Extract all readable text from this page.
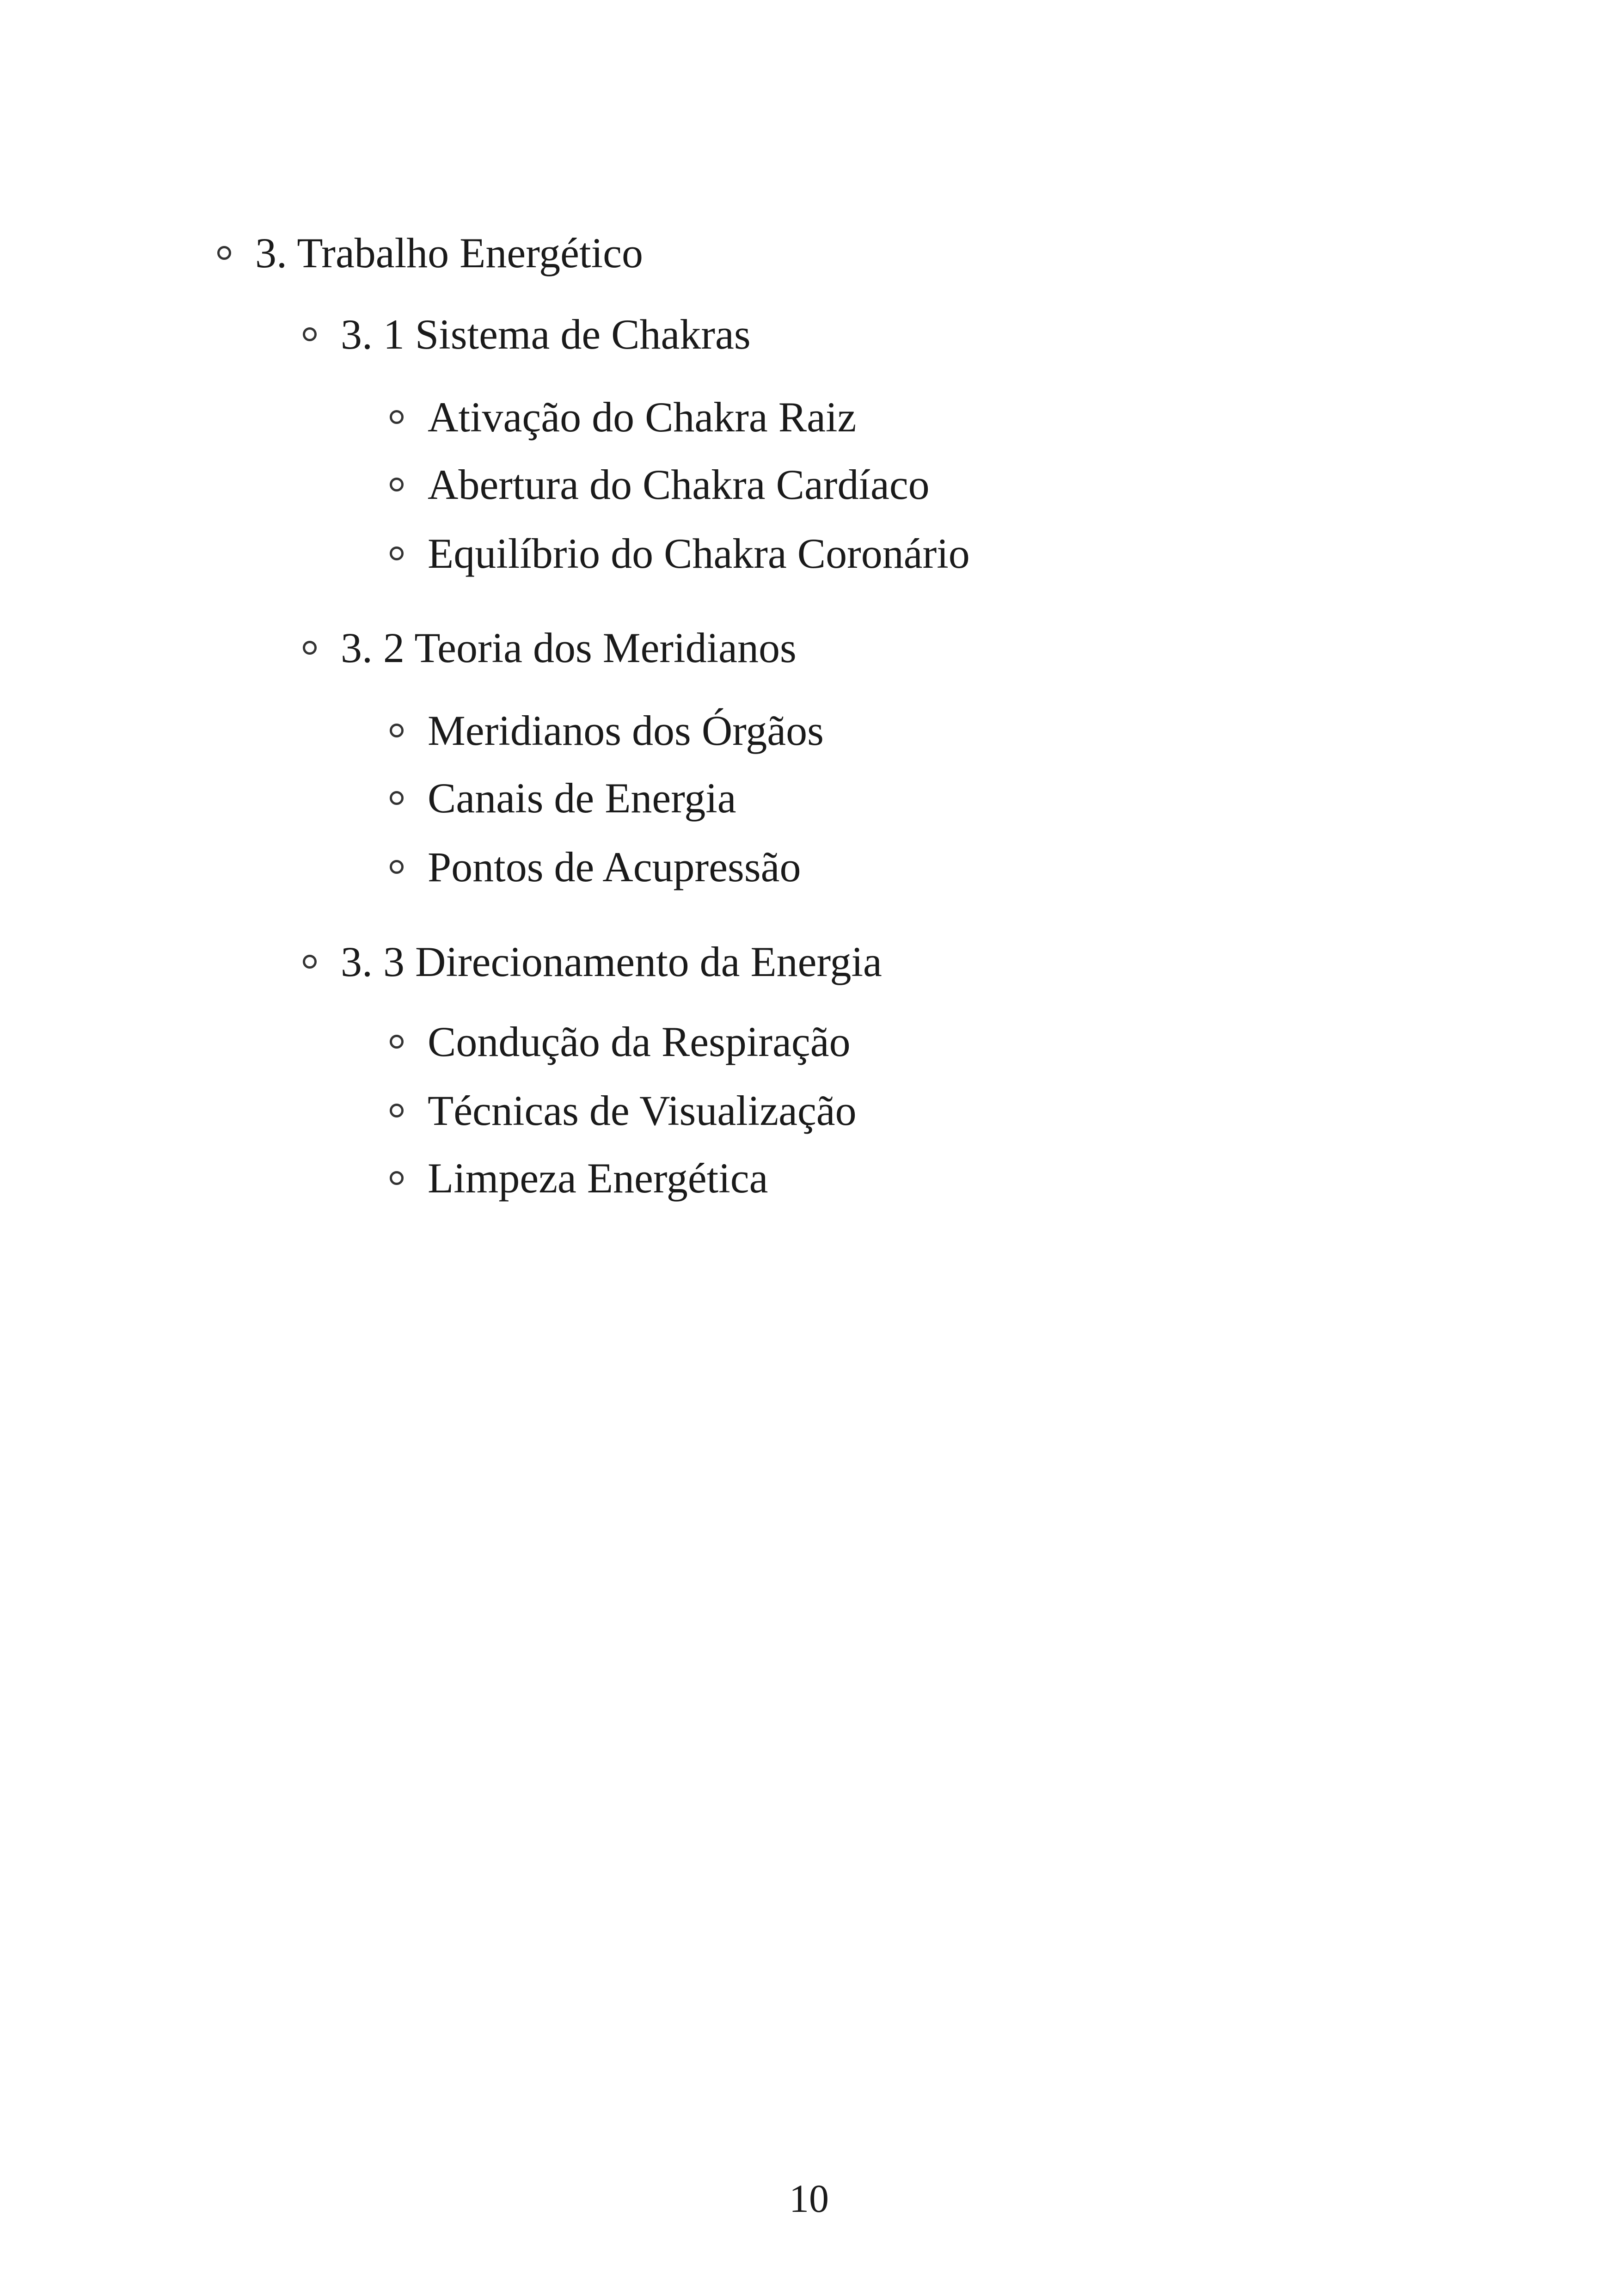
3. Trabalho Energético
3. 1 Sistema de Chakras
Ativação do Chakra Raiz
Abertura do Chakra Cardíaco
Equilíbrio do Chakra Coronário
3. 2 Teoria dos Meridianos
Meridianos dos Órgãos
Canais de Energia
Pontos de Acupressão
3. 3 Direcionamento da Energia
Condução da Respiração
Técnicas de Visualização
Limpeza Energética
10
